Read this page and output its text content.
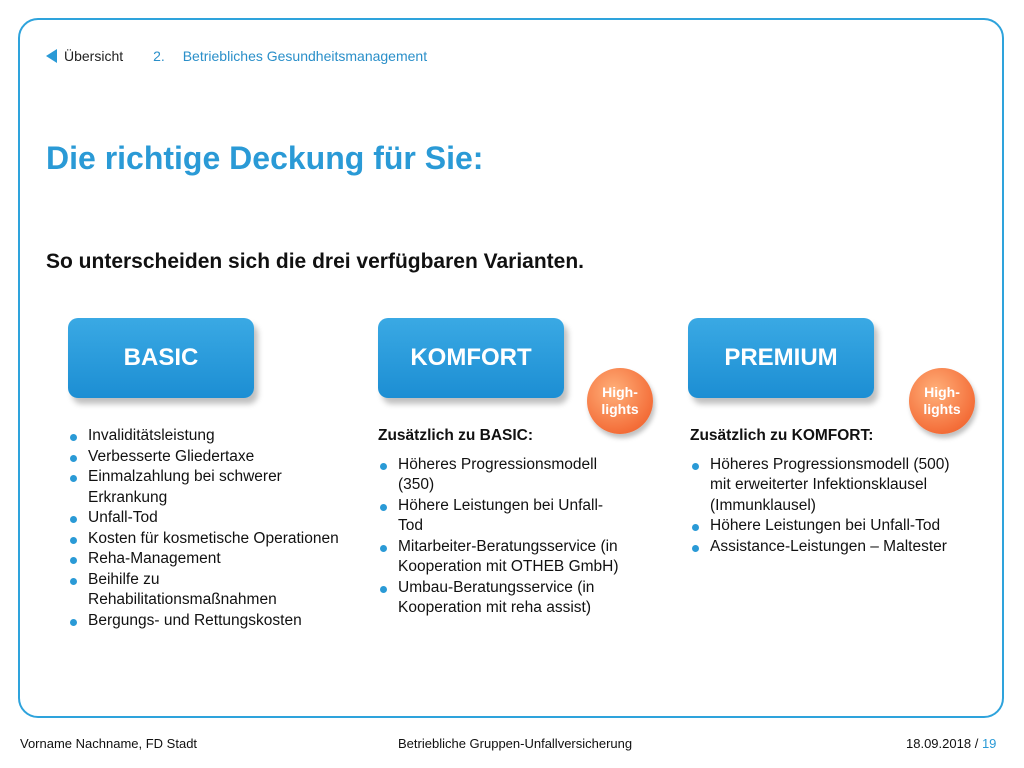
Übersicht 2. Betriebliches Gesundheitsmanagement
Die richtige Deckung für Sie:
So unterscheiden sich die drei verfügbaren Varianten.
BASIC	KOMFORT	PREMIUM
High-lights
High-lights
Invaliditätsleistung
Verbesserte Gliedertaxe
Einmalzahlung bei schwerer Erkrankung
Unfall-Tod
Kosten für kosmetische Operationen
Reha-Management
Beihilfe zu Rehabilitationsmaßnahmen
Bergungs- und Rettungskosten
Zusätzlich zu BASIC:
Höheres Progressionsmodell (350)
Höhere Leistungen bei Unfall-Tod
Mitarbeiter-Beratungsservice (in Kooperation mit OTHEB GmbH)
Umbau-Beratungsservice (in Kooperation mit reha assist)
Zusätzlich zu KOMFORT:
Höheres Progressionsmodell (500) mit erweiterter Infektionsklausel (Immunklausel)
Höhere Leistungen bei Unfall-Tod
Assistance-Leistungen – Maltester
Vorname Nachname, FD Stadt	Betriebliche Gruppen-Unfallversicherung	18.09.2018 / 19
